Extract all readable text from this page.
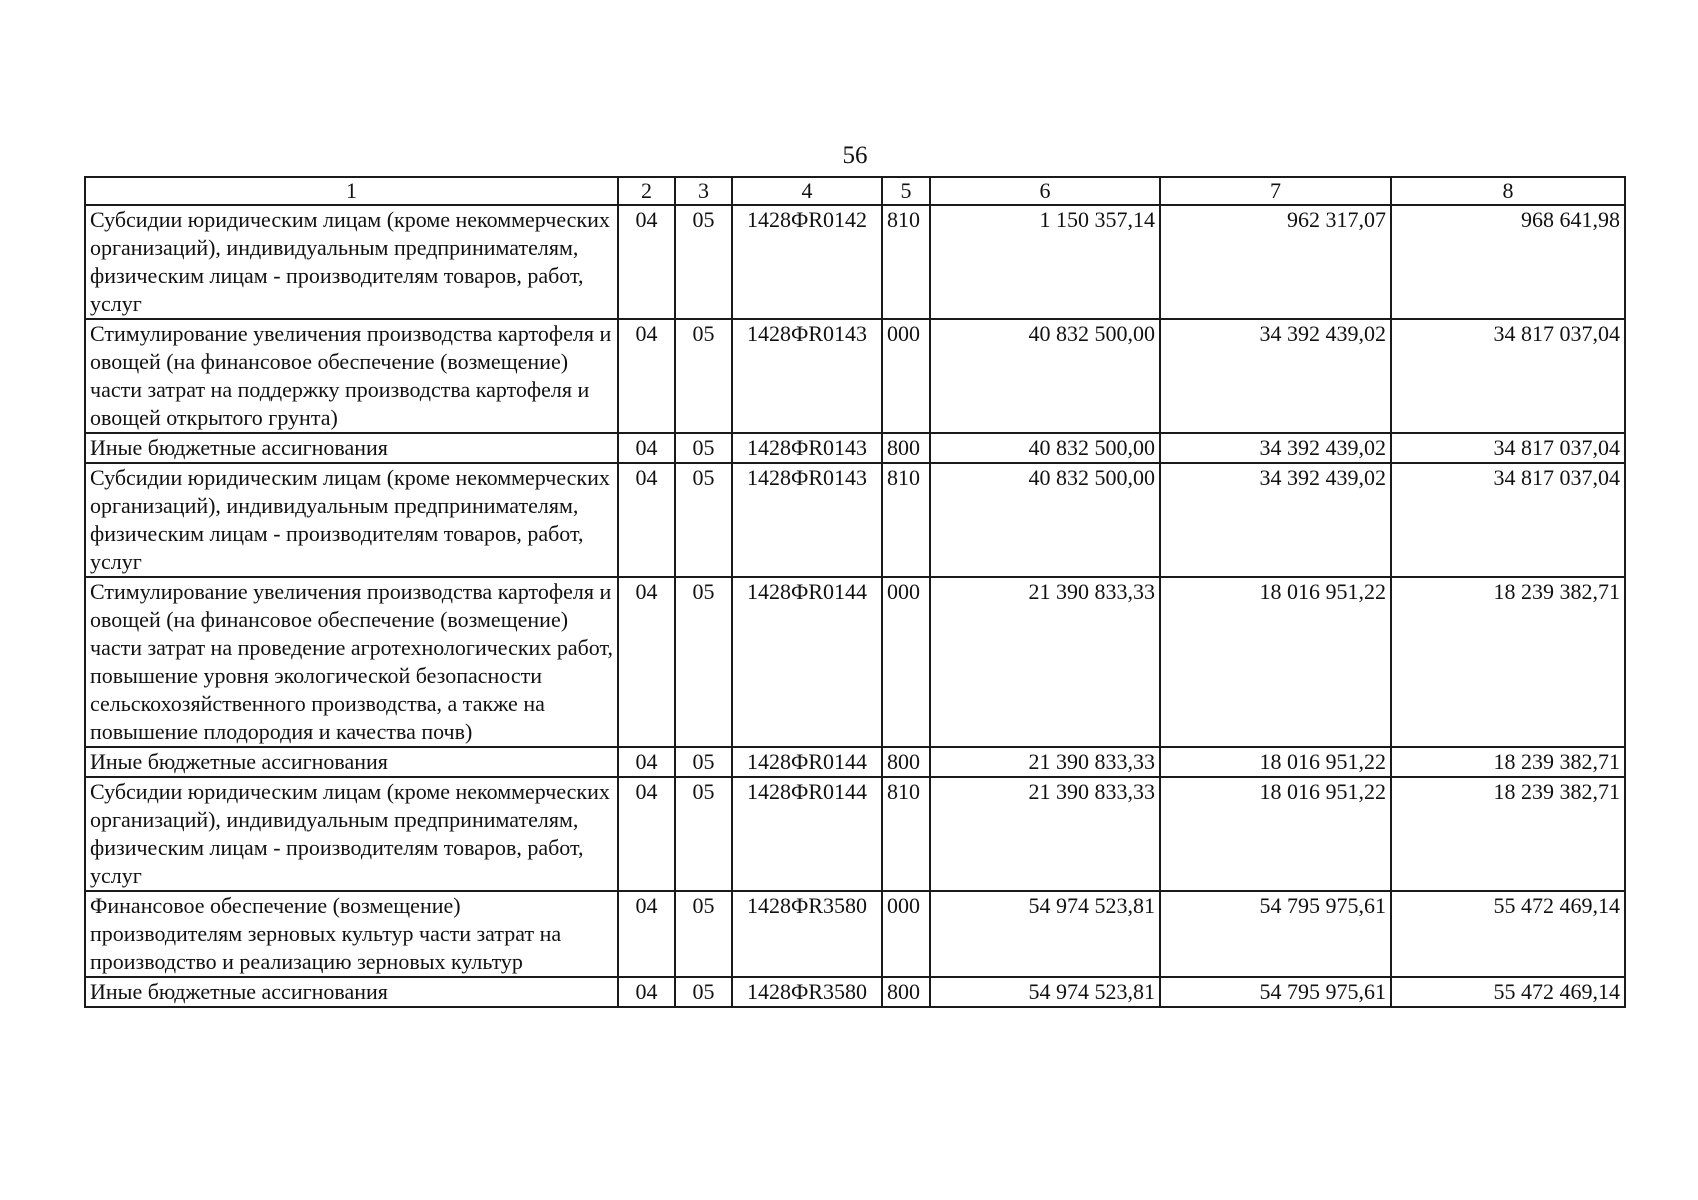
56
1	2	3	4	5	6	7	8
Субсидии юридическим лицам (кроме некоммерческих организаций), индивидуальным предпринимателям, физическим лицам - производителям товаров, работ, услуг	04	05	1428ФR0142	810	1 150 357,14	962 317,07	968 641,98
Стимулирование увеличения производства картофеля и овощей (на финансовое обеспечение (возмещение) части затрат на поддержку производства картофеля и овощей открытого грунта)	04	05	1428ФR0143	000	40 832 500,00	34 392 439,02	34 817 037,04
Иные бюджетные ассигнования	04	05	1428ФR0143	800	40 832 500,00	34 392 439,02	34 817 037,04
Субсидии юридическим лицам (кроме некоммерческих организаций), индивидуальным предпринимателям, физическим лицам - производителям товаров, работ, услуг	04	05	1428ФR0143	810	40 832 500,00	34 392 439,02	34 817 037,04
Стимулирование увеличения производства картофеля и овощей (на финансовое обеспечение (возмещение) части затрат на проведение агротехнологических работ, повышение уровня экологической безопасности сельскохозяйственного производства, а также на повышение плодородия и качества почв)	04	05	1428ФR0144	000	21 390 833,33	18 016 951,22	18 239 382,71
Иные бюджетные ассигнования	04	05	1428ФR0144	800	21 390 833,33	18 016 951,22	18 239 382,71
Субсидии юридическим лицам (кроме некоммерческих организаций), индивидуальным предпринимателям, физическим лицам - производителям товаров, работ, услуг	04	05	1428ФR0144	810	21 390 833,33	18 016 951,22	18 239 382,71
Финансовое обеспечение (возмещение) производителям зерновых культур части затрат на производство и реализацию зерновых культур	04	05	1428ФR3580	000	54 974 523,81	54 795 975,61	55 472 469,14
Иные бюджетные ассигнования	04	05	1428ФR3580	800	54 974 523,81	54 795 975,61	55 472 469,14
